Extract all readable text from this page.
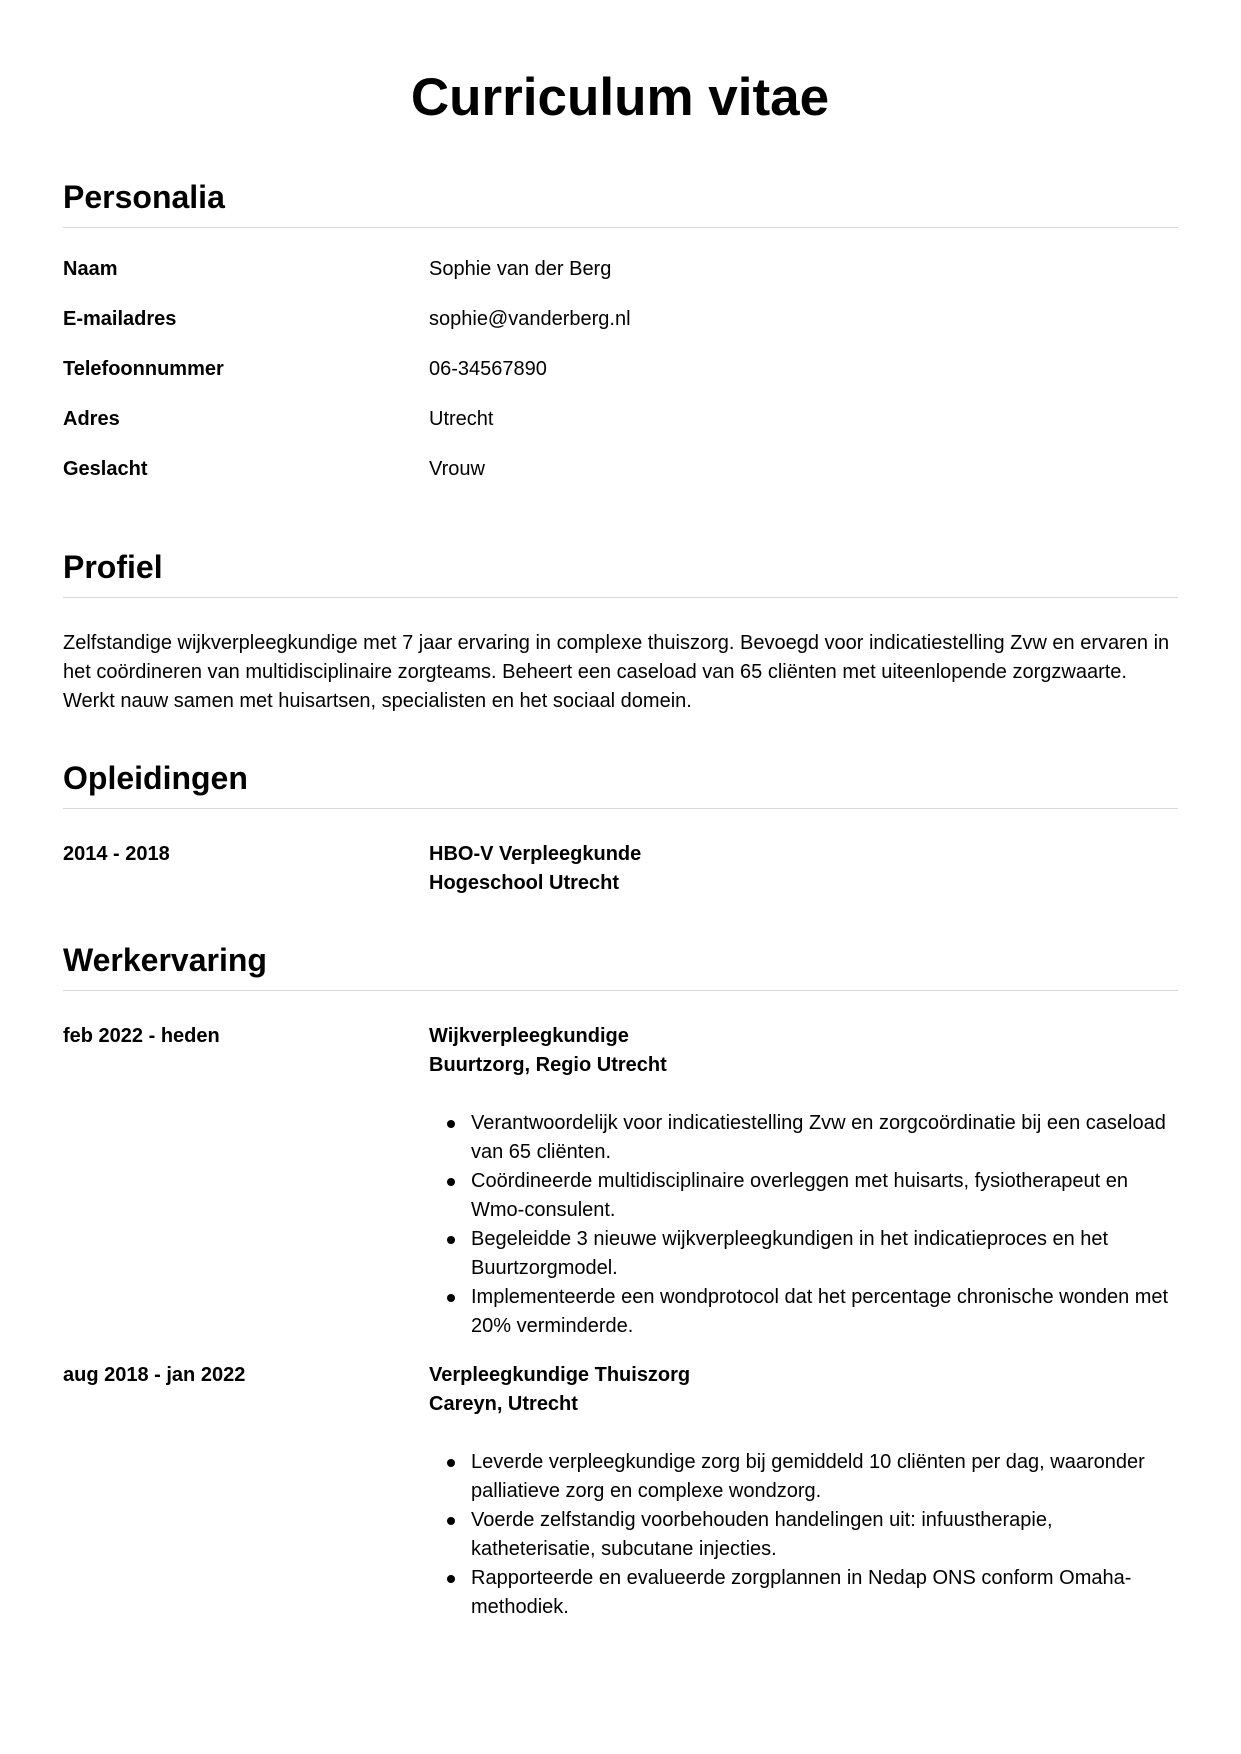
Curriculum vitae
Personalia
Naam	Sophie van der Berg
E-mailadres	sophie@vanderberg.nl
Telefoonnummer	06-34567890
Adres	Utrecht
Geslacht	Vrouw
Profiel

Zelfstandige wijkverpleegkundige met 7 jaar ervaring in complexe thuiszorg. Bevoegd voor indicatiestelling Zvw en ervaren in het coördineren van multidisciplinaire zorgteams. Beheert een caseload van 65 cliënten met uiteenlopende zorgzwaarte. Werkt nauw samen met huisartsen, specialisten en het sociaal domein.

Opleidingen
2014 - 2018	HBO-V Verpleegkunde
Hogeschool Utrecht
Werkervaring
feb 2022 - heden	Wijkverpleegkundige
Buurtzorg, Regio Utrecht
Verantwoordelijk voor indicatiestelling Zvw en zorgcoördinatie bij een caseload van 65 cliënten.
Coördineerde multidisciplinaire overleggen met huisarts, fysiotherapeut en Wmo-consulent.
Begeleidde 3 nieuwe wijkverpleegkundigen in het indicatieproces en het Buurtzorgmodel.
Implementeerde een wondprotocol dat het percentage chronische wonden met 20% verminderde.
aug 2018 - jan 2022	Verpleegkundige Thuiszorg
Careyn, Utrecht
Leverde verpleegkundige zorg bij gemiddeld 10 cliënten per dag, waaronder palliatieve zorg en complexe wondzorg.
Voerde zelfstandig voorbehouden handelingen uit: infuustherapie, katheterisatie, subcutane injecties.
Rapporteerde en evalueerde zorgplannen in Nedap ONS conform Omaha-methodiek.
